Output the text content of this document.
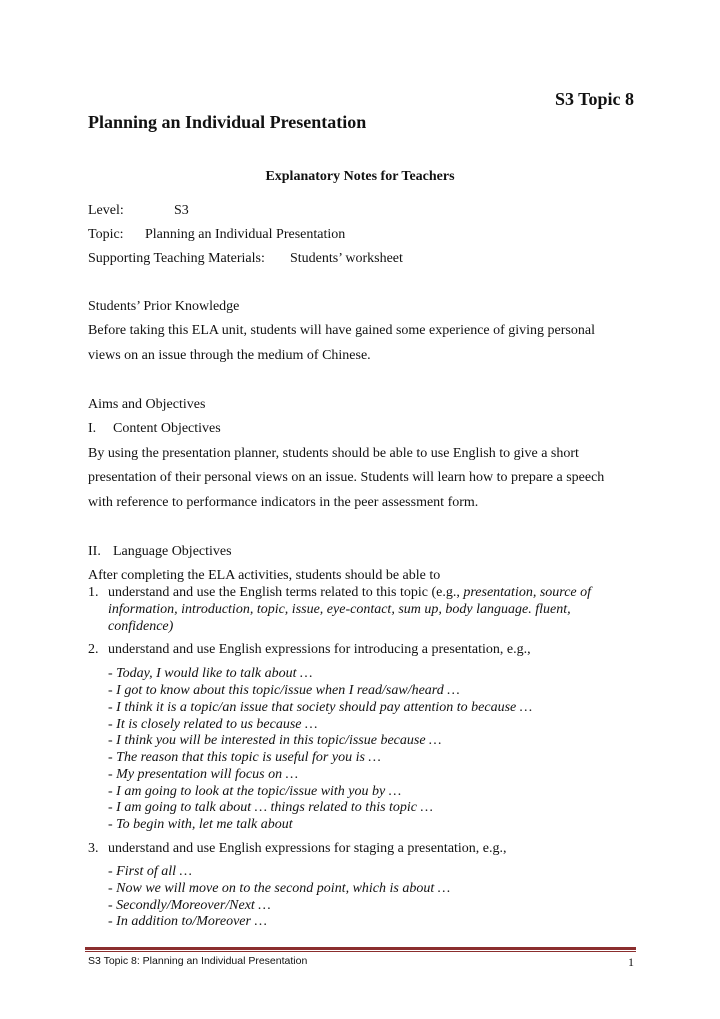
S3 Topic 8
Planning an Individual Presentation
Explanatory Notes for Teachers
Level:	S3
Topic: Planning an Individual Presentation
Supporting Teaching Materials: Students’ worksheet
Students’ Prior Knowledge
Before taking this ELA unit, students will have gained some experience of giving personal
views on an issue through the medium of Chinese.
Aims and Objectives
I. Content Objectives
By using the presentation planner, students should be able to use English to give a short
presentation of their personal views on an issue. Students will learn how to prepare a speech
with reference to performance indicators in the peer assessment form.
II. Language Objectives
After completing the ELA activities, students should be able to
1. understand and use the English terms related to this topic (e.g., presentation, source of
information, introduction, topic, issue, eye-contact, sum up, body language. fluent,
confidence)
2. understand and use English expressions for introducing a presentation, e.g.,
- Today, I would like to talk about …
- I got to know about this topic/issue when I read/saw/heard …
- I think it is a topic/an issue that society should pay attention to because …
- It is closely related to us because …
- I think you will be interested in this topic/issue because …
- The reason that this topic is useful for you is …
- My presentation will focus on …
- I am going to look at the topic/issue with you by …
- I am going to talk about … things related to this topic …
- To begin with, let me talk about
3. understand and use English expressions for staging a presentation, e.g.,
- First of all …
- Now we will move on to the second point, which is about …
- Secondly/Moreover/Next …
- In addition to/Moreover …
S3 Topic 8: Planning an Individual Presentation	1
